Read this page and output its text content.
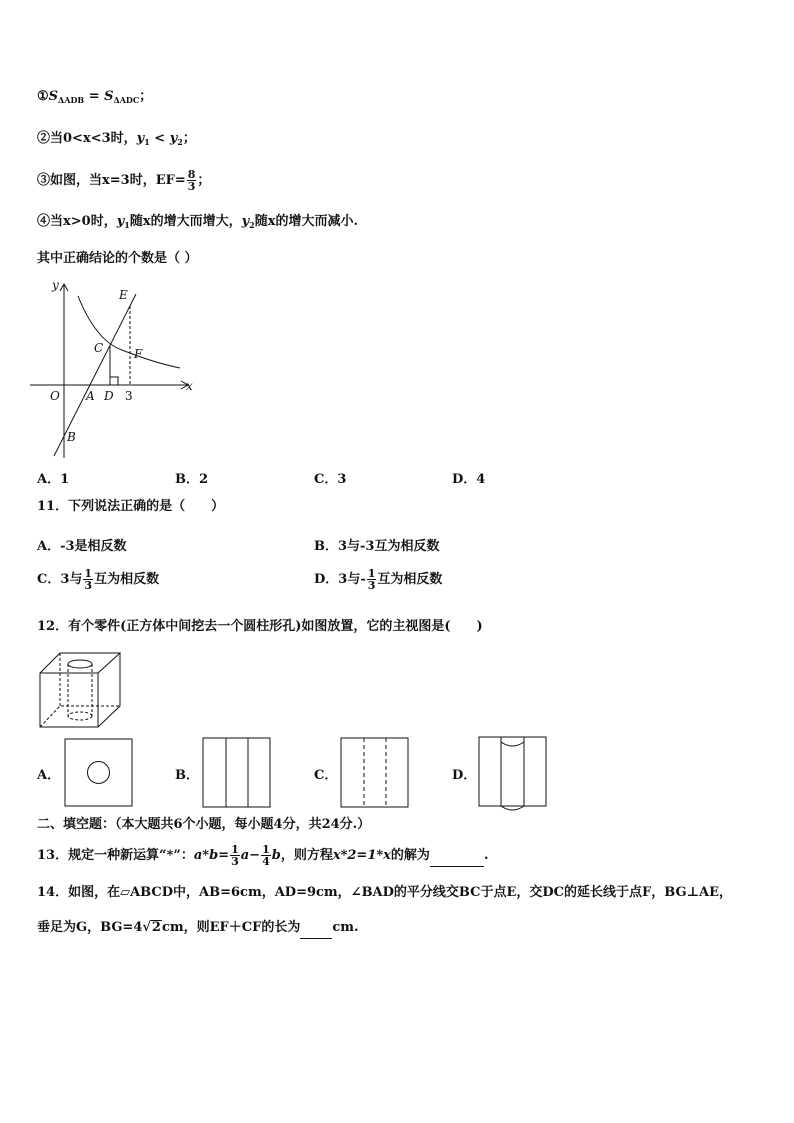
$①S_{\Delta ADB} = S_{\Delta ADC}$；
②当0<x<3时，$y_1 < y_2$；
③如图，当x=3时，$EF= \frac{8}{3}$ ；
④当x>0时，$y_1$随x的增大而增大，$y_2$随x的增大而减小.
其中正确结论的个数是（ ）
y
x
O A D 3
B
C
E
F
A．1	B．2	C．3	D．4
11．下列说法正确的是（　　）
A．-3是相反数	B．3与-3互为相反数
C．3与 $\frac{1}{3}$ 互为相反数	D．3与- $\frac{1}{3}$ 互为相反数
12．有个零件(正方体中间挖去一个圆柱形孔)如图放置，它的主视图是(　　)
A．	B．	C．	D．
二、填空题：（本大题共6个小题，每小题4分，共24分.）
13．规定一种新运算“*”：$a*b= \frac{1}{3} a- \frac{1}{4}$ b，则方程x*2=1*x的解为	.
14．如图，在▱ABCD中，AB=6cm，AD=9cm，∠BAD的平分线交BC于点E，交DC的延长线于点F，BG⊥AE，
垂足为G，BG=4√2cm，则EF＋CF的长为 cm.
